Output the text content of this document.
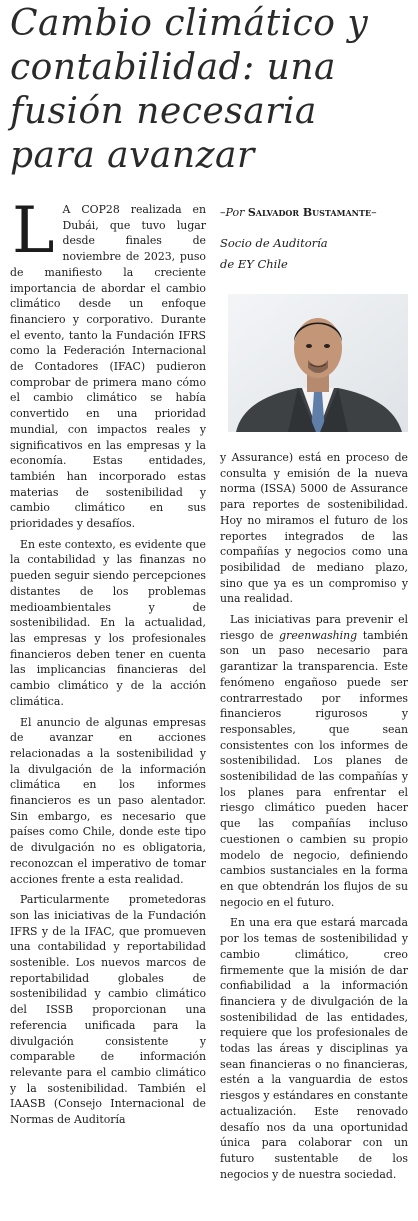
Cambio climático y contabilidad: una fusión necesaria para avanzar

L A COP28 realizada en Dubái, que tuvo lugar desde finales de noviembre de 2023, puso de manifiesto la creciente importancia de abordar el cambio climático desde un enfoque financiero y corporativo. Durante el evento, tanto la Fundación IFRS como la Federación Internacional de Contadores (IFAC) pudieron comprobar de primera mano cómo el cambio climático se había convertido en una prioridad mundial, con impactos reales y significativos en las empresas y la economía. Estas entidades, también han incorporado estas materias de sostenibilidad y cambio climático en sus prioridades y desafíos.

En este contexto, es evidente que la contabilidad y las finanzas no pueden seguir siendo percepciones distantes de los problemas medioambientales y de sostenibilidad. En la actualidad, las empresas y los profesionales financieros deben tener en cuenta las implicancias financieras del cambio climático y de la acción climática.

El anuncio de algunas empresas de avanzar en acciones relacionadas a la sostenibilidad y la divulgación de la información climática en los informes financieros es un paso alentador. Sin embargo, es necesario que países como Chile, donde este tipo de divulgación no es obligatoria, reconozcan el imperativo de tomar acciones frente a esta realidad.

Particularmente prometedoras son las iniciativas de la Fundación IFRS y de la IFAC, que promueven una contabilidad y reportabilidad sostenible. Los nuevos marcos de reportabilidad globales de sostenibilidad y cambio climático del ISSB proporcionan una referencia unificada para la divulgación consistente y comparable de información relevante para el cambio climático y la sostenibilidad. También el IAASB (Consejo Internacional de Normas de Auditoría

–Por Salvador Bustamante–

Socio de Auditoría

de EY Chile

y Assurance) está en proceso de consulta y emisión de la nueva norma (ISSA) 5000 de Assurance para reportes de sostenibilidad. Hoy no miramos el futuro de los reportes integrados de las compañías y negocios como una posibilidad de mediano plazo, sino que ya es un compromiso y una realidad.

Las iniciativas para prevenir el riesgo de greenwashing también son un paso necesario para garantizar la transparencia. Este fenómeno engañoso puede ser contrarrestado por informes financieros rigurosos y responsables, que sean consistentes con los informes de sostenibilidad. Los planes de sostenibilidad de las compañías y los planes para enfrentar el riesgo climático pueden hacer que las compañías incluso cuestionen o cambien su propio modelo de negocio, definiendo cambios sustanciales en la forma en que obtendrán los flujos de su negocio en el futuro.

En una era que estará marcada por los temas de sostenibilidad y cambio climático, creo firmemente que la misión de dar confiabilidad a la información financiera y de divulgación de la sostenibilidad de las entidades, requiere que los profesionales de todas las áreas y disciplinas ya sean financieras o no financieras, estén a la vanguardia de estos riesgos y estándares en constante actualización. Este renovado desafío nos da una oportunidad única para colaborar con un futuro sustentable de los negocios y de nuestra sociedad.
